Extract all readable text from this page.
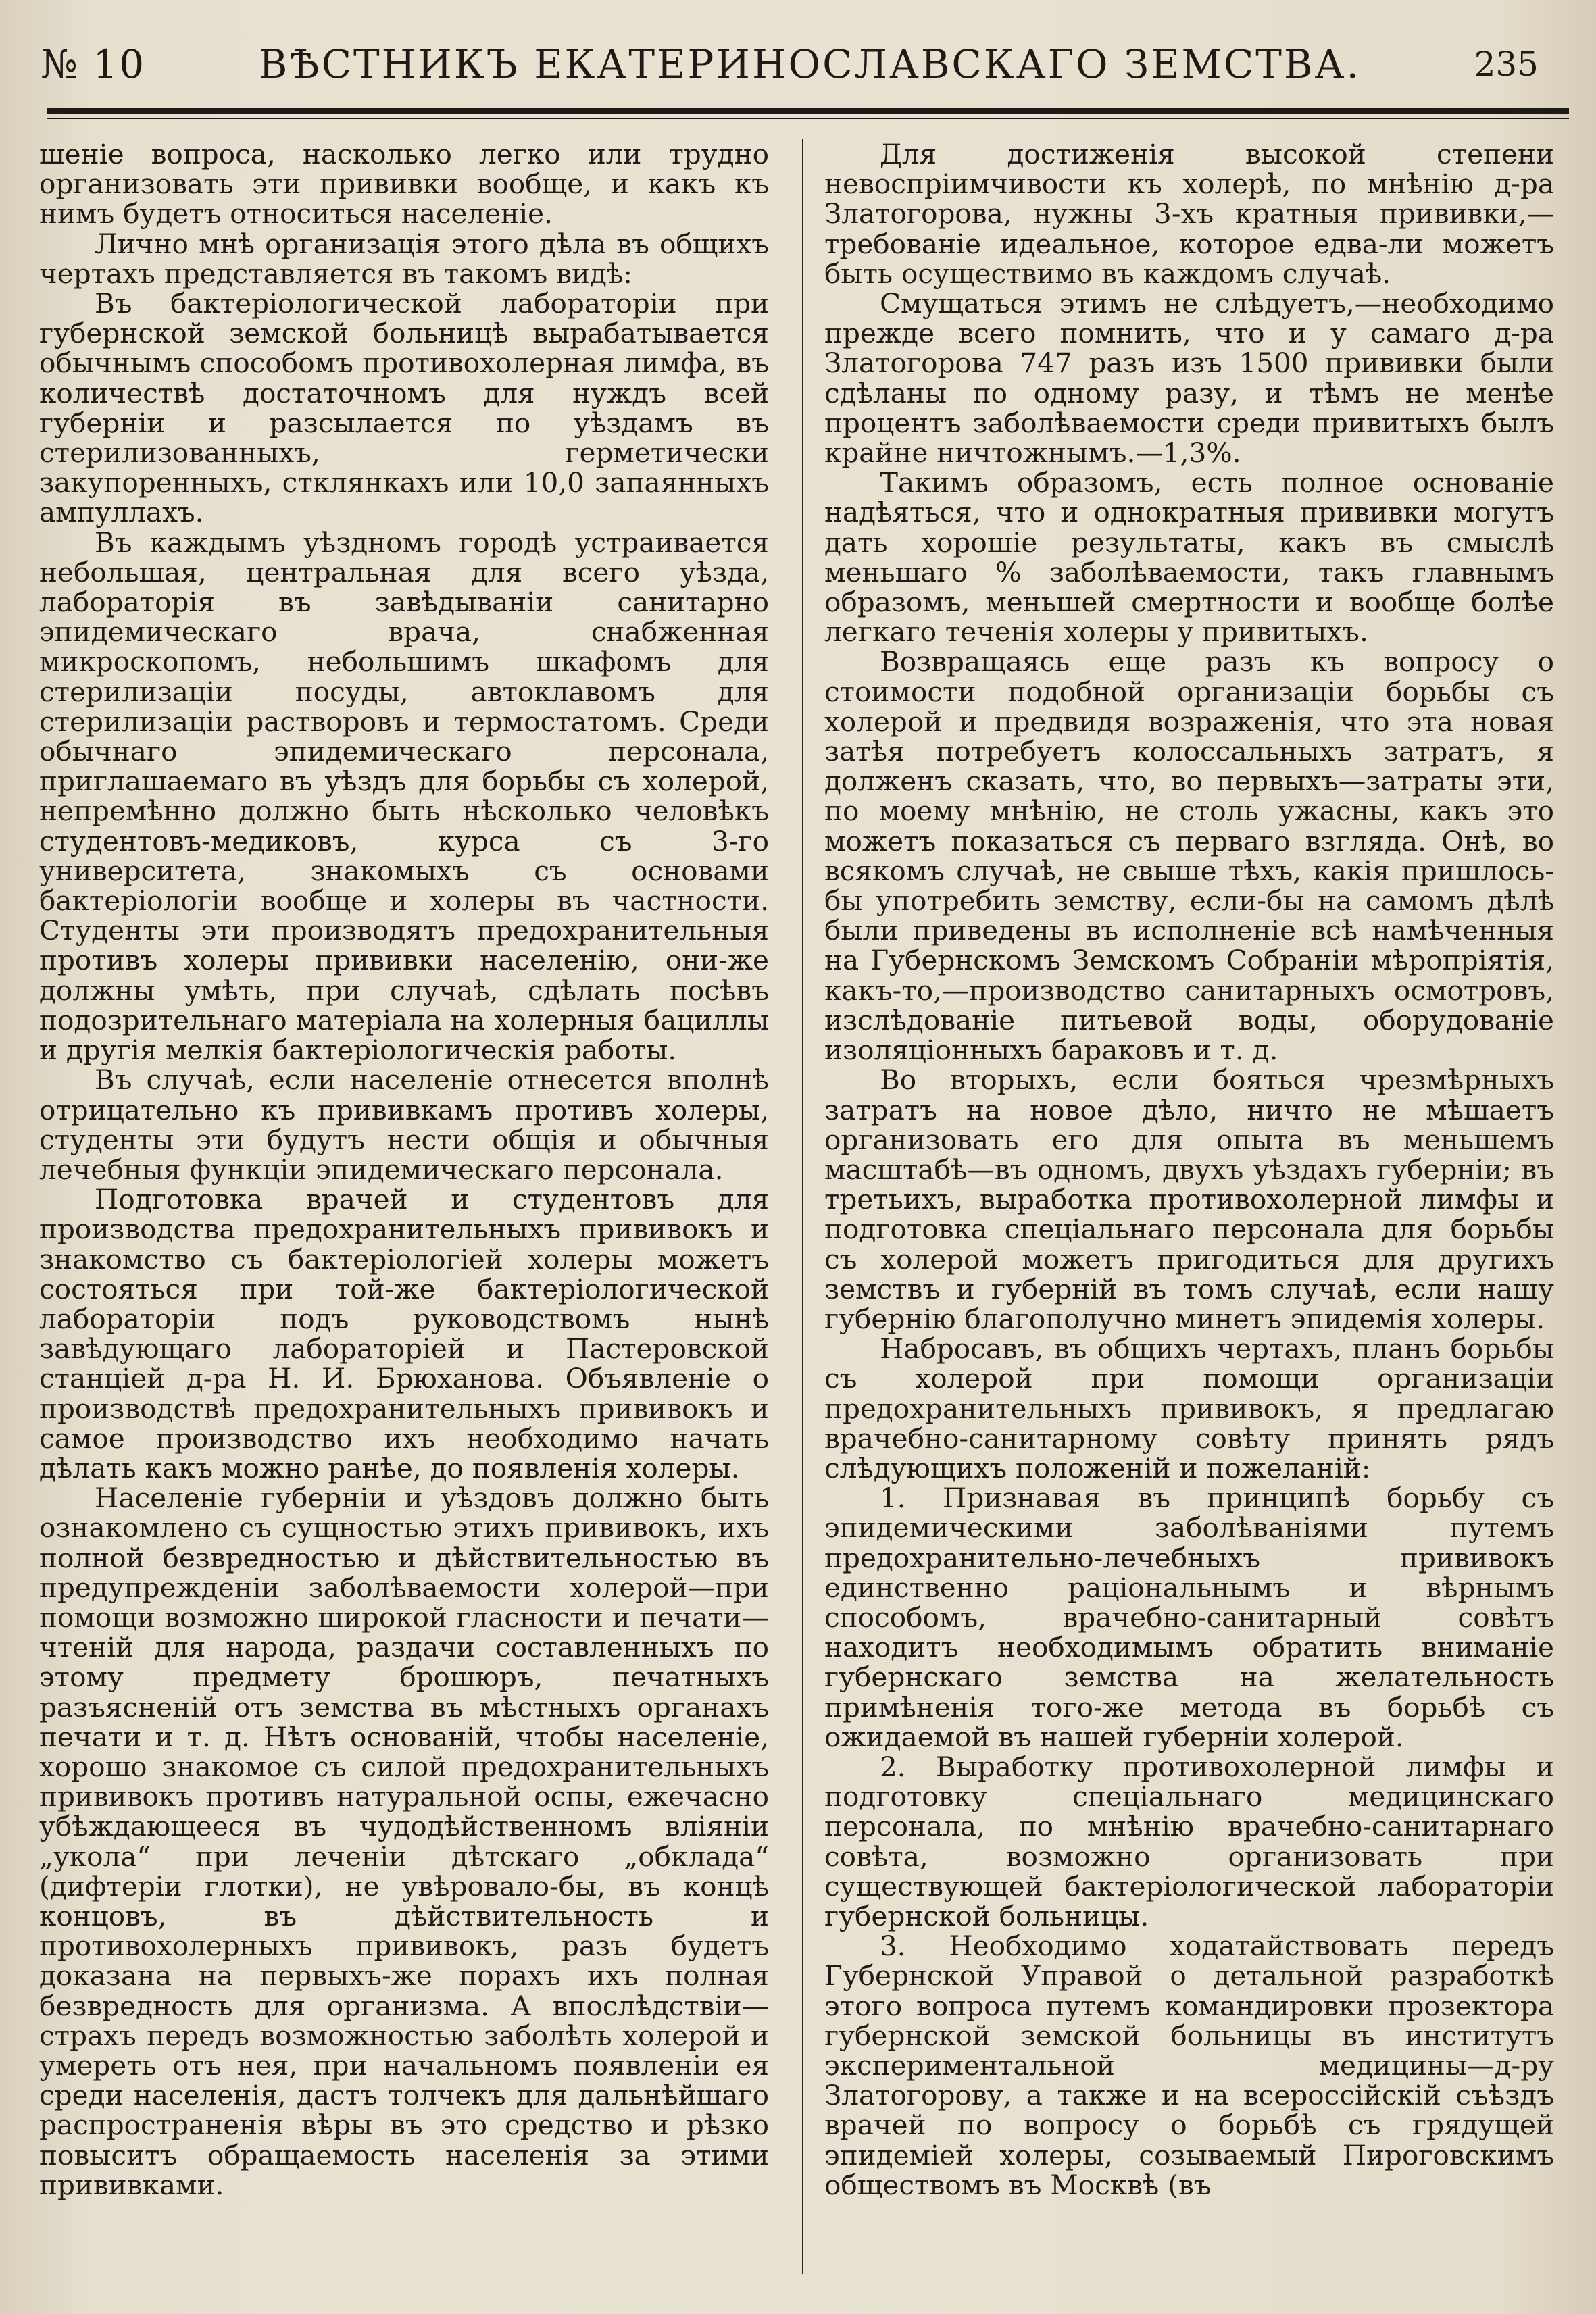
№ 10	ВѢСТНИКЪ ЕКАТЕРИНОСЛАВСКАГО ЗЕМСТВА.	235

шеніе вопроса, насколько легко или трудно организовать эти прививки вообще, и какъ къ нимъ будетъ относиться населеніе.

Лично мнѣ организація этого дѣла въ общихъ чертахъ представляется въ такомъ видѣ:

Въ бактеріологической лабораторіи при губернской земской больницѣ вырабатывается обычнымъ способомъ противохолерная лимфа, въ количествѣ достаточномъ для нуждъ всей губерніи и разсылается по уѣздамъ въ стерилизованныхъ, герметически закупоренныхъ, стклянкахъ или 10,0 запаянныхъ ампуллахъ.

Въ каждымъ уѣздномъ городѣ устраивается небольшая, центральная для всего уѣзда, лабораторія въ завѣдываніи санитарно эпидемическаго врача, снабженная микроскопомъ, небольшимъ шкафомъ для стерилизаціи посуды, автоклавомъ для стерилизаціи растворовъ и термостатомъ. Среди обычнаго эпидемическаго персонала, приглашаемаго въ уѣздъ для борьбы съ холерой, непремѣнно должно быть нѣсколько человѣкъ студентовъ-медиковъ, курса съ 3-го университета, знакомыхъ съ основами бактеріологіи вообще и холеры въ частности. Студенты эти производятъ предохранительныя противъ холеры прививки населенію, они-же должны умѣть, при случаѣ, сдѣлать посѣвъ подозрительнаго матеріала на холерныя бациллы и другія мелкія бактеріологическія работы.

Въ случаѣ, если населеніе отнесется вполнѣ отрицательно къ прививкамъ противъ холеры, студенты эти будутъ нести общія и обычныя лечебныя функціи эпидемическаго персонала.

Подготовка врачей и студентовъ для производства предохранительныхъ прививокъ и знакомство съ бактеріологіей холеры можетъ состояться при той-же бактеріологической лабораторіи подъ руководствомъ нынѣ завѣдующаго лабораторіей и Пастеровской станціей д-ра Н. И. Брюханова. Объявленіе о производствѣ предохранительныхъ прививокъ и самое производство ихъ необходимо начать дѣлать какъ можно ранѣе, до появленія холеры.

Населеніе губерніи и уѣздовъ должно быть ознакомлено съ сущностью этихъ прививокъ, ихъ полной безвредностью и дѣйствительностью въ предупрежденіи заболѣваемости холерой—при помощи возможно широкой гласности и печати—чтеній для народа, раздачи составленныхъ по этому предмету брошюръ, печатныхъ разъясненій отъ земства въ мѣстныхъ органахъ печати и т. д. Нѣтъ основаній, чтобы населеніе, хорошо знакомое съ силой предохранительныхъ прививокъ противъ натуральной оспы, ежечасно убѣждающееся въ чудодѣйственномъ вліяніи „укола“ при леченіи дѣтскаго „обклада“ (дифтеріи глотки), не увѣровало-бы, въ концѣ концовъ, въ дѣйствительность и противохолерныхъ прививокъ, разъ будетъ доказана на первыхъ-же порахъ ихъ полная безвредность для организма. А впослѣдствіи—страхъ передъ возможностью заболѣть холерой и умереть отъ нея, при начальномъ появленіи ея среди населенія, дастъ толчекъ для дальнѣйшаго распространенія вѣры въ это средство и рѣзко повыситъ обращаемость населенія за этими прививками.

Для достиженія высокой степени невоспріимчивости къ холерѣ, по мнѣнію д-ра Златогорова, нужны 3-хъ кратныя прививки,—требованіе идеальное, которое едва-ли можетъ быть осуществимо въ каждомъ случаѣ.

Смущаться этимъ не слѣдуетъ,—необходимо прежде всего помнить, что и у самаго д-ра Златогорова 747 разъ изъ 1500 прививки были сдѣланы по одному разу, и тѣмъ не менѣе процентъ заболѣваемости среди привитыхъ былъ крайне ничтожнымъ.—1,3%.

Такимъ образомъ, есть полное основаніе надѣяться, что и однократныя прививки могутъ дать хорошіе результаты, какъ въ смыслѣ меньшаго % заболѣваемости, такъ главнымъ образомъ, меньшей смертности и вообще болѣе легкаго теченія холеры у привитыхъ.

Возвращаясь еще разъ къ вопросу о стоимости подобной организаціи борьбы съ холерой и предвидя возраженія, что эта новая затѣя потребуетъ колоссальныхъ затратъ, я долженъ сказать, что, во первыхъ—затраты эти, по моему мнѣнію, не столь ужасны, какъ это можетъ показаться съ перваго взгляда. Онѣ, во всякомъ случаѣ, не свыше тѣхъ, какія пришлось-бы употребить земству, если-бы на самомъ дѣлѣ были приведены въ исполненіе всѣ намѣченныя на Губернскомъ Земскомъ Собраніи мѣропріятія, какъ-то,—производство санитарныхъ осмотровъ, изслѣдованіе питьевой воды, оборудованіе изоляціонныхъ бараковъ и т. д.

Во вторыхъ, если бояться чрезмѣрныхъ затратъ на новое дѣло, ничто не мѣшаетъ организовать его для опыта въ меньшемъ масштабѣ—въ одномъ, двухъ уѣздахъ губерніи; въ третьихъ, выработка противохолерной лимфы и подготовка спеціальнаго персонала для борьбы съ холерой можетъ пригодиться для другихъ земствъ и губерній въ томъ случаѣ, если нашу губернію благополучно минетъ эпидемія холеры.

Набросавъ, въ общихъ чертахъ, планъ борьбы съ холерой при помощи организаціи предохранительныхъ прививокъ, я предлагаю врачебно-санитарному совѣту принять рядъ слѣдующихъ положеній и пожеланій:

1. Признавая въ принципѣ борьбу съ эпидемическими заболѣваніями путемъ предохранительно-лечебныхъ прививокъ единственно раціональнымъ и вѣрнымъ способомъ, врачебно-санитарный совѣтъ находитъ необходимымъ обратить вниманіе губернскаго земства на желательность примѣненія того-же метода въ борьбѣ съ ожидаемой въ нашей губерніи холерой.

2. Выработку противохолерной лимфы и подготовку спеціальнаго медицинскаго персонала, по мнѣнію врачебно-санитарнаго совѣта, возможно организовать при существующей бактеріологической лабораторіи губернской больницы.

3. Необходимо ходатайствовать передъ Губернской Управой о детальной разработкѣ этого вопроса путемъ командировки прозектора губернской земской больницы въ институтъ экспериментальной медицины—д-ру Златогорову, а также и на всероссійскій съѣздъ врачей по вопросу о борьбѣ съ грядущей эпидеміей холеры, созываемый Пироговскимъ обществомъ въ Москвѣ (въ
